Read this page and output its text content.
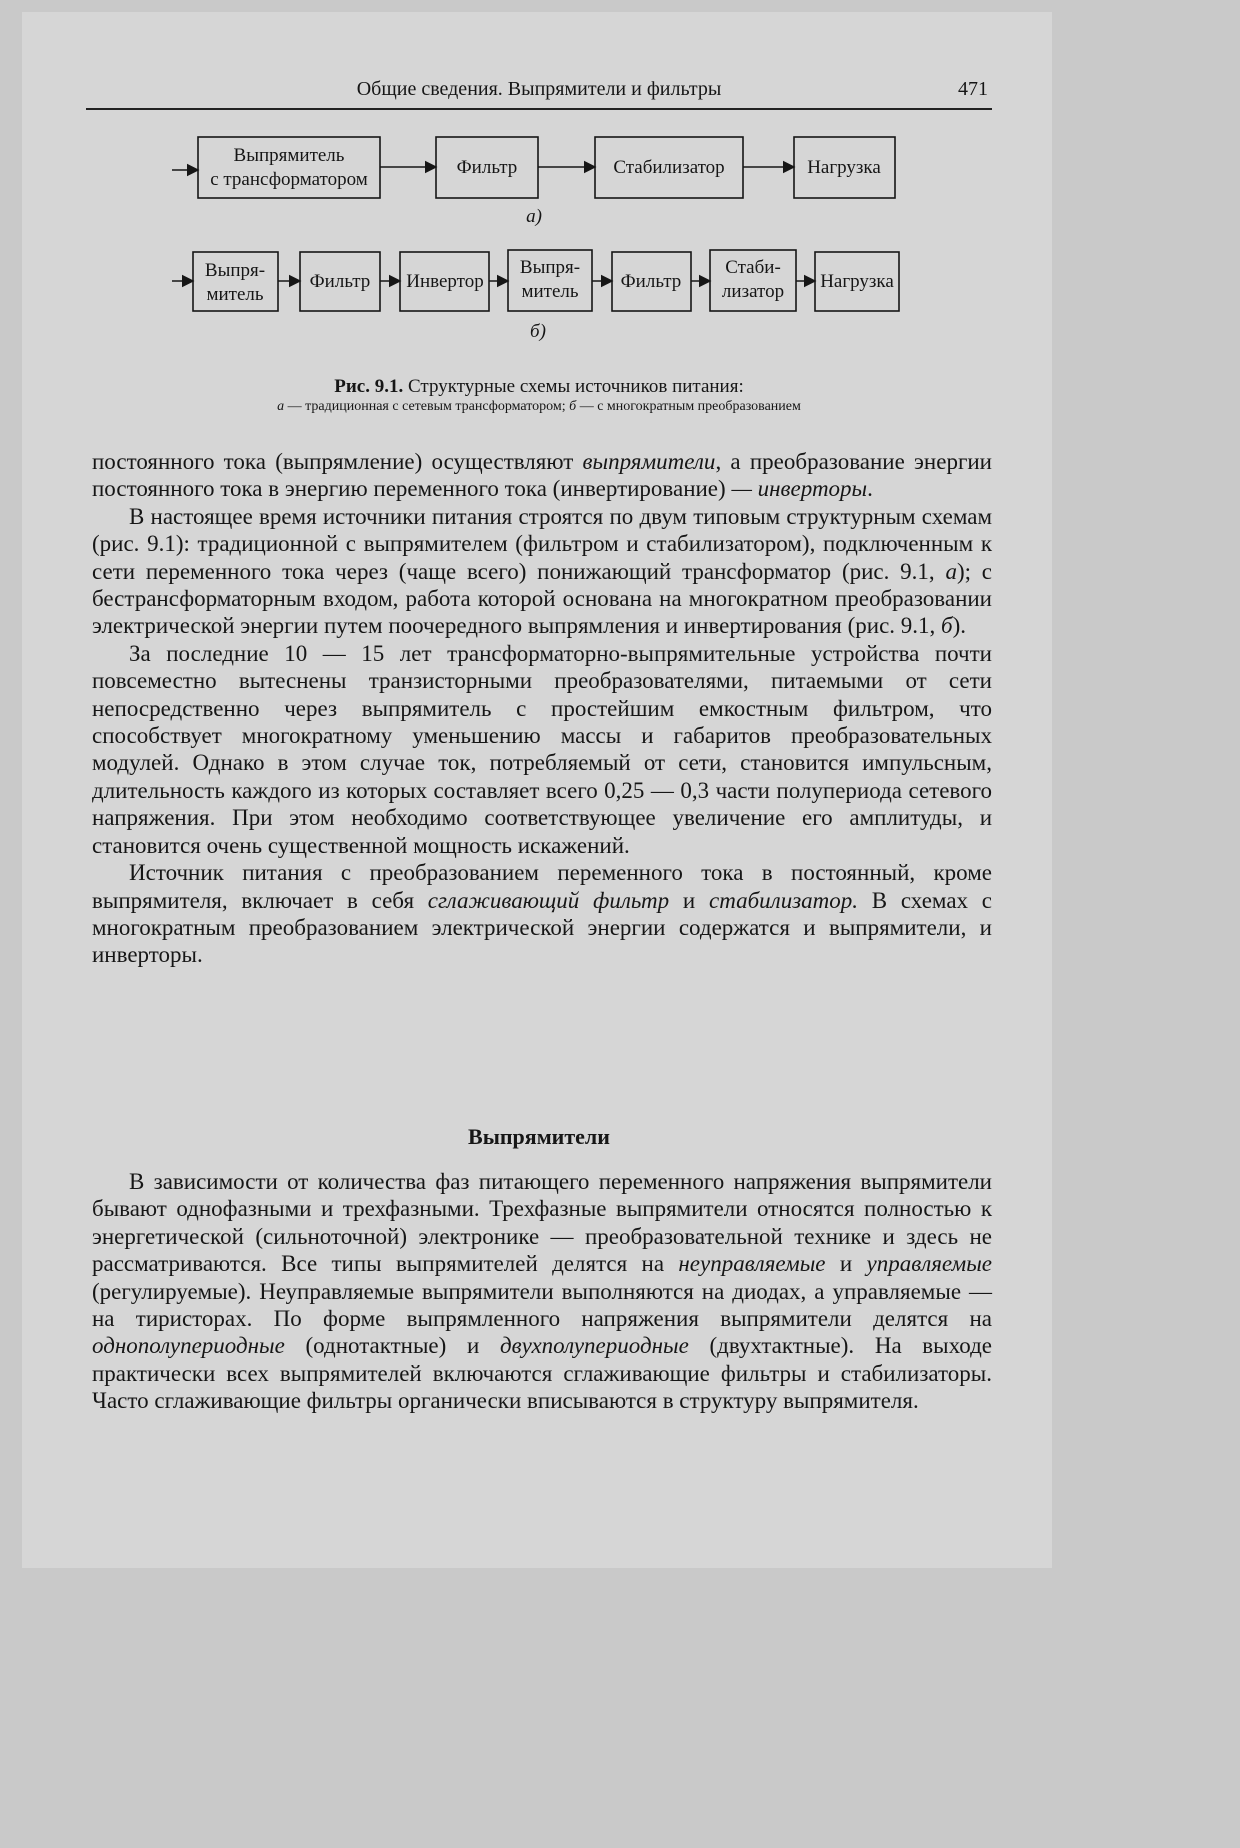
Общие сведения. Выпрямители и фильтры	471
Выпрямитель
с трансформатором
Фильтр	Стабилизатор	Нагрузка
Выпря-
митель
Фильтр Инвертор
Выпря-
митель Фильтр
Стаби-
лизатор Нагрузка
а)
б)
Рис. 9.1. Структурные схемы источников питания:
а — традиционная с сетевым трансформатором; б — с многократным преобразованием

постоянного тока (выпрямление) осуществляют выпрямители, а преобразование энергии постоянного тока в энергию переменного тока (инвертирование) — инверторы.

В настоящее время источники питания строятся по двум типовым структурным схемам (рис. 9.1): традиционной с выпрямителем (фильтром и стабилизатором), подключенным к сети переменного тока через (чаще всего) понижающий трансформатор (рис. 9.1, а); с бестрансформаторным входом, работа которой основана на многократном преобразовании электрической энергии путем поочередного выпрямления и инвертирования (рис. 9.1, б).

За последние 10 — 15 лет трансформаторно-выпрямительные устройства почти повсеместно вытеснены транзисторными преобразователями, питаемыми от сети непосредственно через выпрямитель с простейшим емкостным фильтром, что способствует многократному уменьшению массы и габаритов преобразовательных модулей. Однако в этом случае ток, потребляемый от сети, становится импульсным, длительность каждого из которых составляет всего 0,25 — 0,3 части полупериода сетевого напряжения. При этом необходимо соответствующее увеличение его амплитуды, и становится очень существенной мощность искажений.

Источник питания с преобразованием переменного тока в постоянный, кроме выпрямителя, включает в себя сглаживающий фильтр и стабилизатор. В схемах с многократным преобразованием электрической энергии содержатся и выпрямители, и инверторы.

Выпрямители

В зависимости от количества фаз питающего переменного напряжения выпрямители бывают однофазными и трехфазными. Трехфазные выпрямители относятся полностью к энергетической (сильноточной) электронике — преобразовательной технике и здесь не рассматриваются. Все типы выпрямителей делятся на неуправляемые и управляемые (регулируемые). Неуправляемые выпрямители выполняются на диодах, а управляемые — на тиристорах. По форме выпрямленного напряжения выпрямители делятся на однополупериодные (однотактные) и двухполупериодные (двухтактные). На выходе практически всех выпрямителей включаются сглаживающие фильтры и стабилизаторы. Часто сглаживающие фильтры органически вписываются в структуру выпрямителя.
